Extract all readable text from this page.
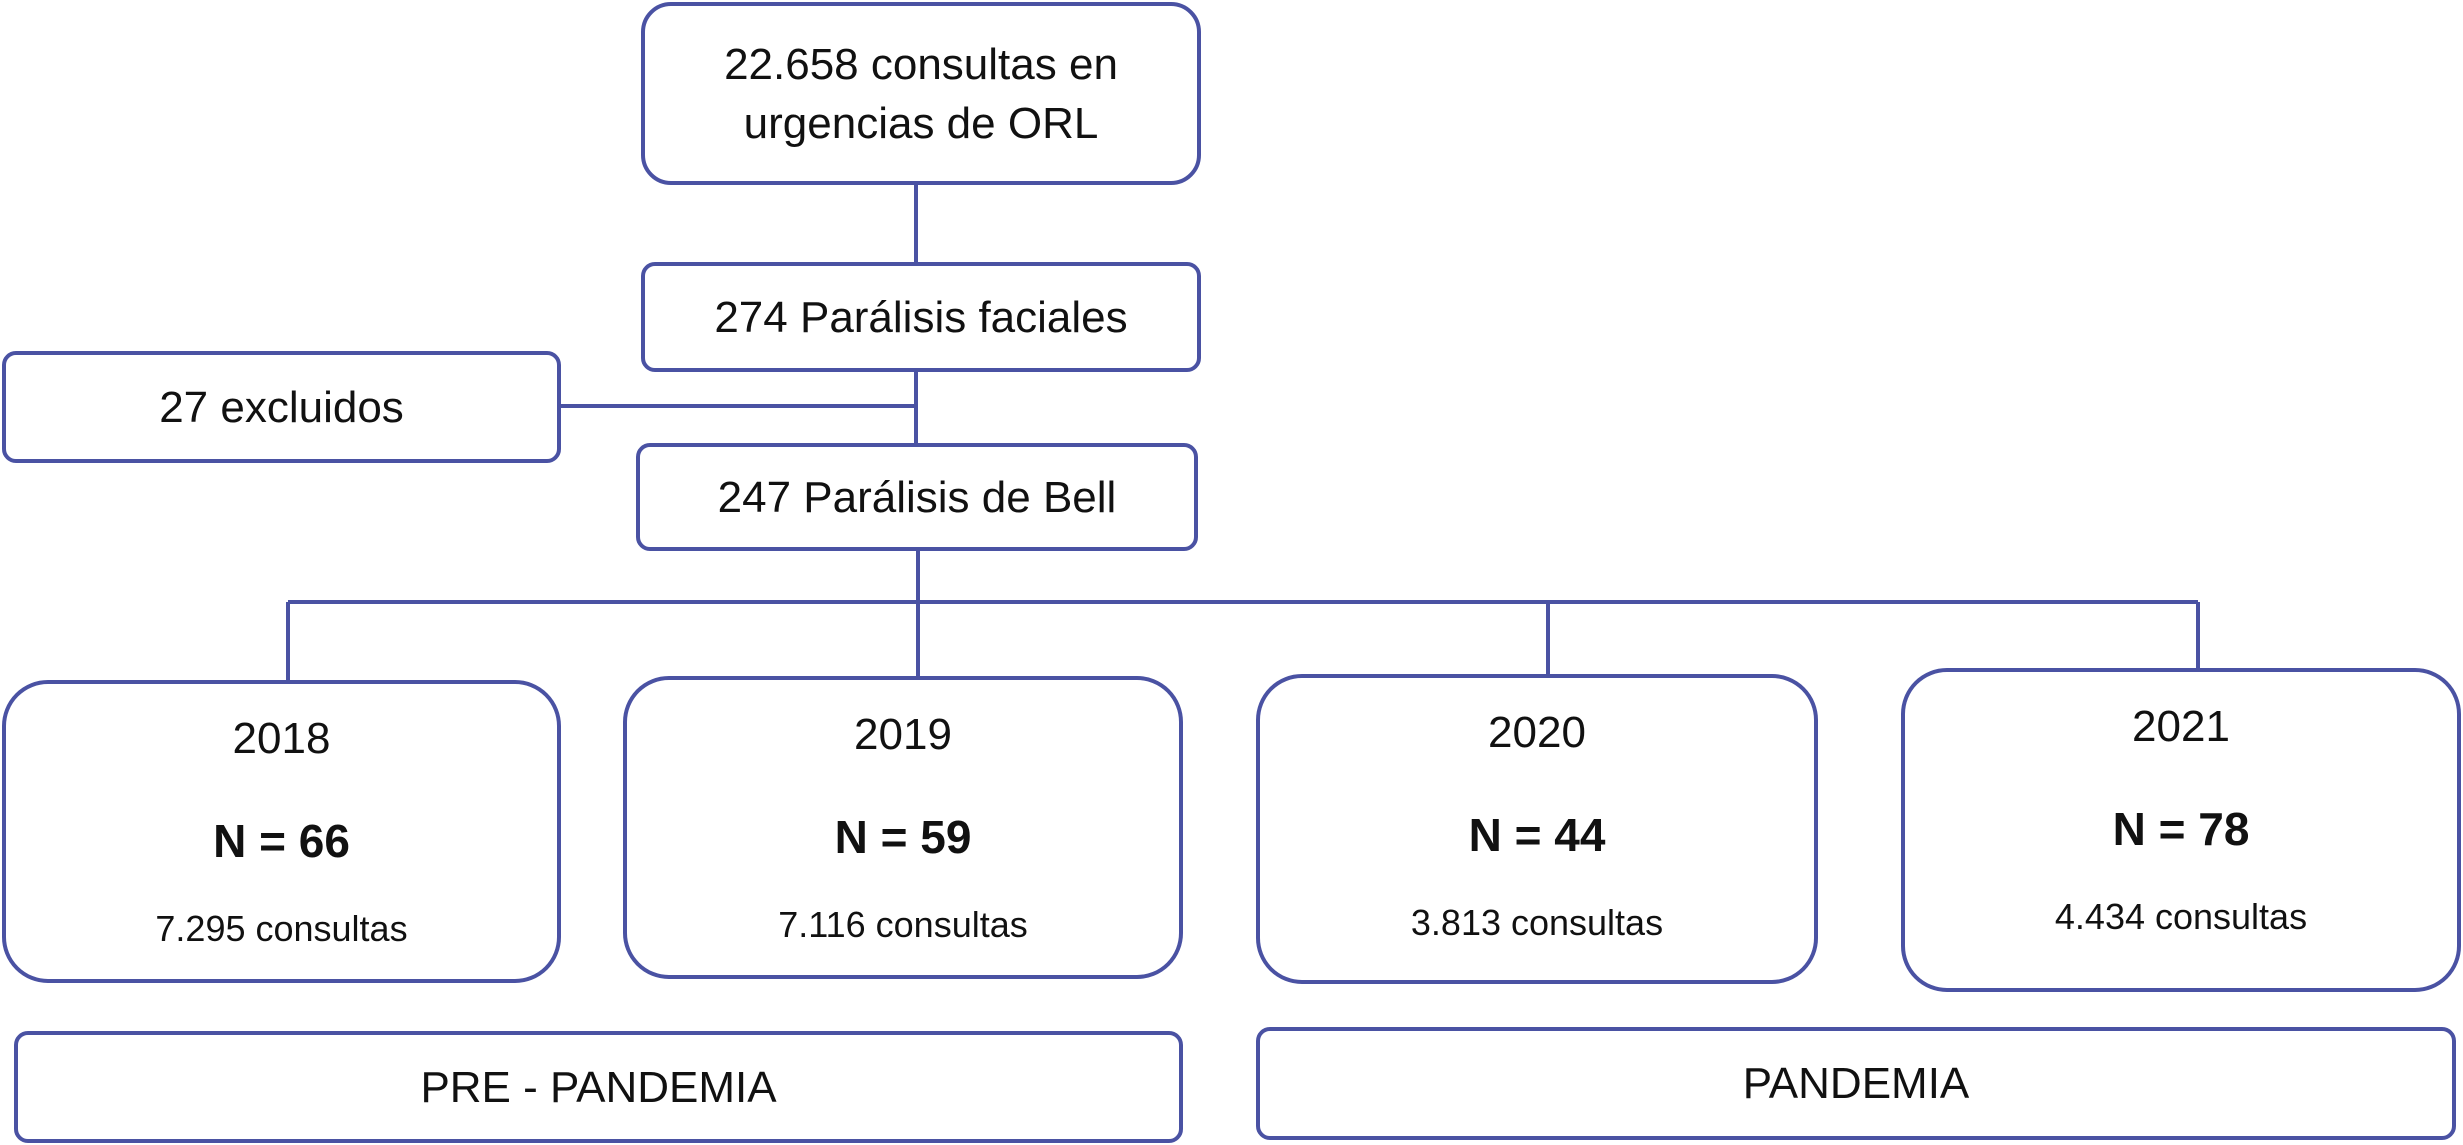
22.658 consultas en
urgencias de ORL
274 Parálisis faciales
27 excluidos
247 Parálisis de Bell
2018
N = 66
7.295 consultas
2019
N = 59
7.116 consultas
2020
N = 44
3.813 consultas
2021
N = 78
4.434 consultas
PRE - PANDEMIA	PANDEMIA
